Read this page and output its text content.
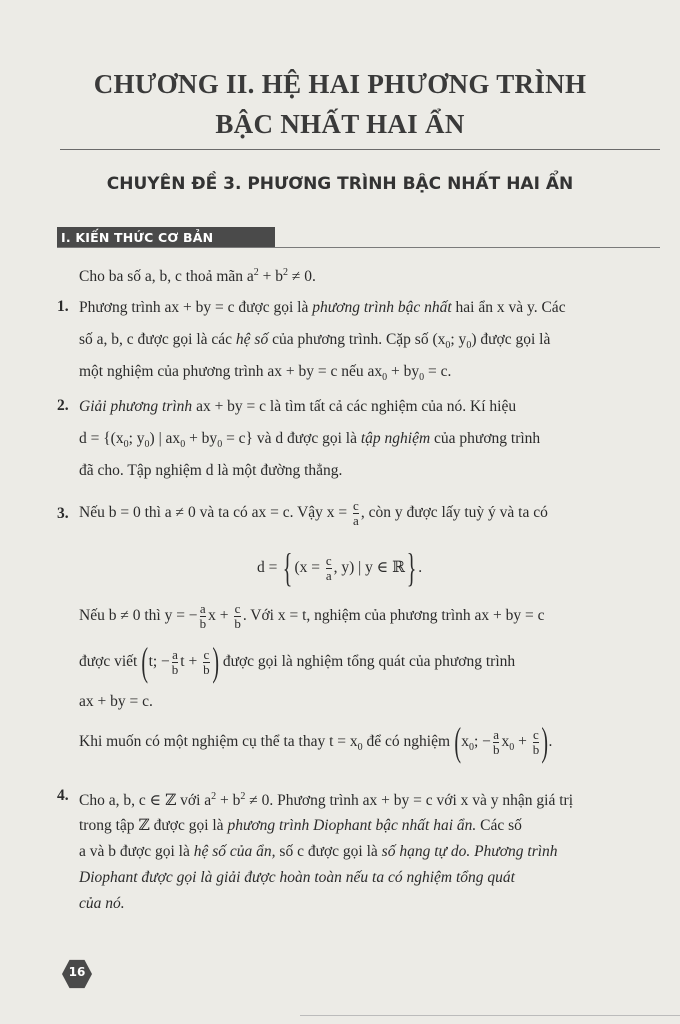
CHƯƠNG II. HỆ HAI PHƯƠNG TRÌNH
BẬC NHẤT HAI ẨN
CHUYÊN ĐỀ 3. PHƯƠNG TRÌNH BẬC NHẤT HAI ẨN
I. KIẾN THỨC CƠ BẢN
Cho ba số a, b, c thoả mãn $a^2 + b^2 \ne 0$.
1. Phương trình ax + by = c được gọi là phương trình bậc nhất hai ẩn x và y. Các
số a, b, c được gọi là các hệ số của phương trình. Cặp số ($x_0$; $y_0$) được gọi là
một nghiệm của phương trình ax + by = c nếu $ax_0 + by_0 = c$.
2. Giải phương trình ax + by = c là tìm tất cả các nghiệm của nó. Kí hiệu
$d = \{(x_0$; $y_0$) | $ax_0 + by_0 = c$} và d được gọi là tập nghiệm của phương trình
đã cho. Tập nghiệm d là một đường thẳng.
3. Nếu b = 0 thì a ≠ 0 và ta có ax = c. Vậy $x = \frac{c}{a}$ , còn y được lấy tuỳ ý và ta có
d = { ($x = \frac{c}{a}$ , y) | y ∈ ℝ} .
Nếu b ≠ 0 thì y = − $\frac{a}{b}$ $x + \frac{c}{b}$ . Với x = t, nghiệm của phương trình ax + by = c
được viết (t; − $\frac{a}{b}$ $t + \frac{c}{b}$ ) được gọi là nghiệm tổng quát của phương trình
ax + by = c.
Khi muốn có một nghiệm cụ thể ta thay $t = x_0$ để có nghiệm ($x_0$; − $\frac{a}{b} x_0 + \frac{c}{b}$ ).
4. Cho a, b, c ∈ ℤ với $a^2 + b^2 \ne 0$. Phương trình ax + by = c với x và y nhận giá trị
trong tập ℤ được gọi là phương trình Diophant bậc nhất hai ẩn. Các số
a và b được gọi là hệ số của ẩn, số c được gọi là số hạng tự do. Phương trình
Diophant được gọi là giải được hoàn toàn nếu ta có nghiệm tổng quát
của nó.
16
